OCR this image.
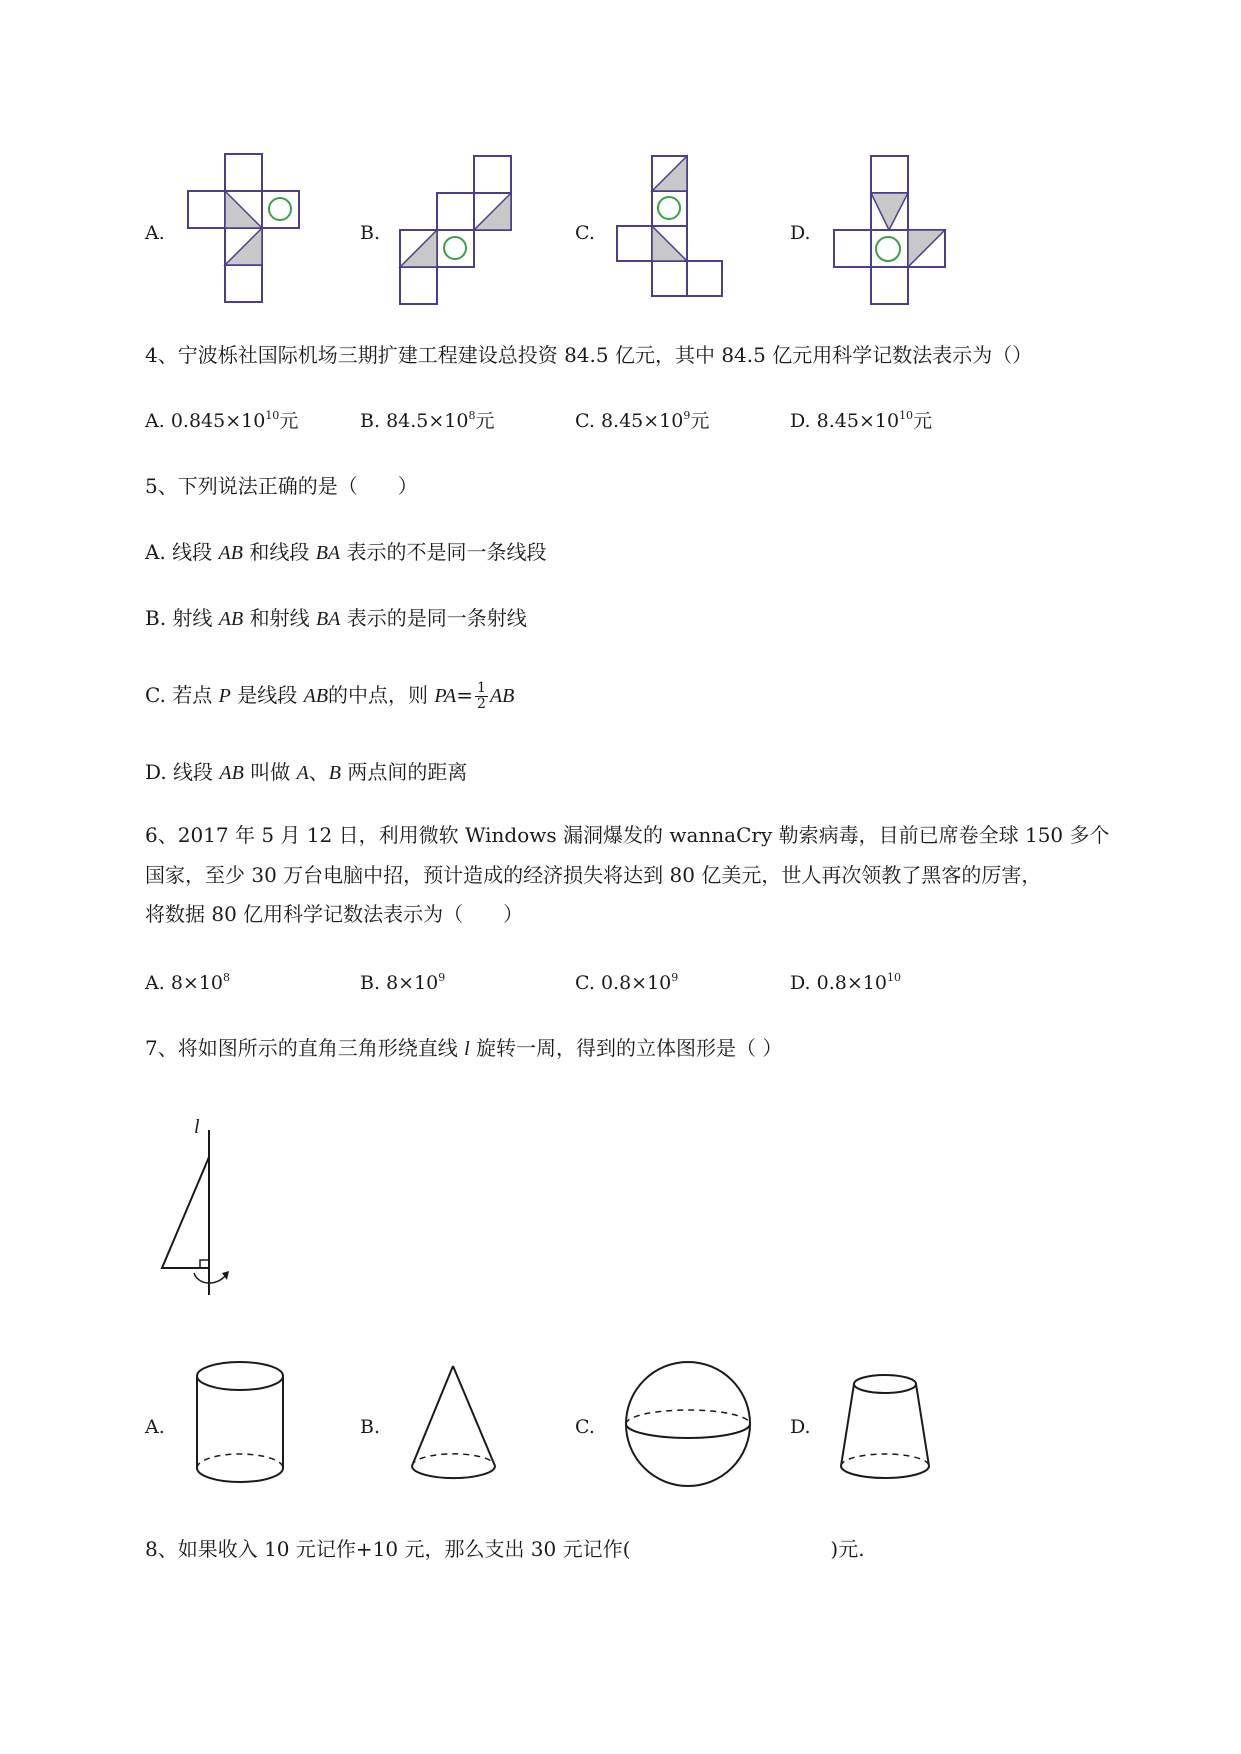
A.	B.	C.	D.
4、宁波栎社国际机场三期扩建工程建设总投资 84.5 亿元，其中 84.5 亿元用科学记数法表示为（）
A. $0.845\times 10^{10}$元	B. $84.5\times 10^8$元	C. $8.45\times 10^9$元	D. $8.45\times 10^{10}$元
5、下列说法正确的是（　　）
A. 线段 AB 和线段 BA 表示的不是同一条线段
B. 射线 AB 和射线 BA 表示的是同一条射线
C. 若点 P 是线段 AB的中点，则 $PA= \frac{1}{2}$ AB
D. 线段 AB 叫做 A、B 两点间的距离
6、2017 年 5 月 12 日，利用微软 Windows 漏洞爆发的 wannaCry 勒索病毒，目前已席卷全球 150 多个
国家，至少 30 万台电脑中招，预计造成的经济损失将达到 80 亿美元，世人再次领教了黑客的厉害，
将数据 80 亿用科学记数法表示为（　　）
A. $8\times 10^8$	B. $8\times 10^9$	C. $0.8\times 10^9$	D. $0.8\times 10^{10}$
7、将如图所示的直角三角形绕直线 l 旋转一周，得到的立体图形是（ ）
l
A.	B.	C.	D.
8、如果收入 10 元记作+10 元，那么支出 30 元记作(　　　　　　　　　　)元.
